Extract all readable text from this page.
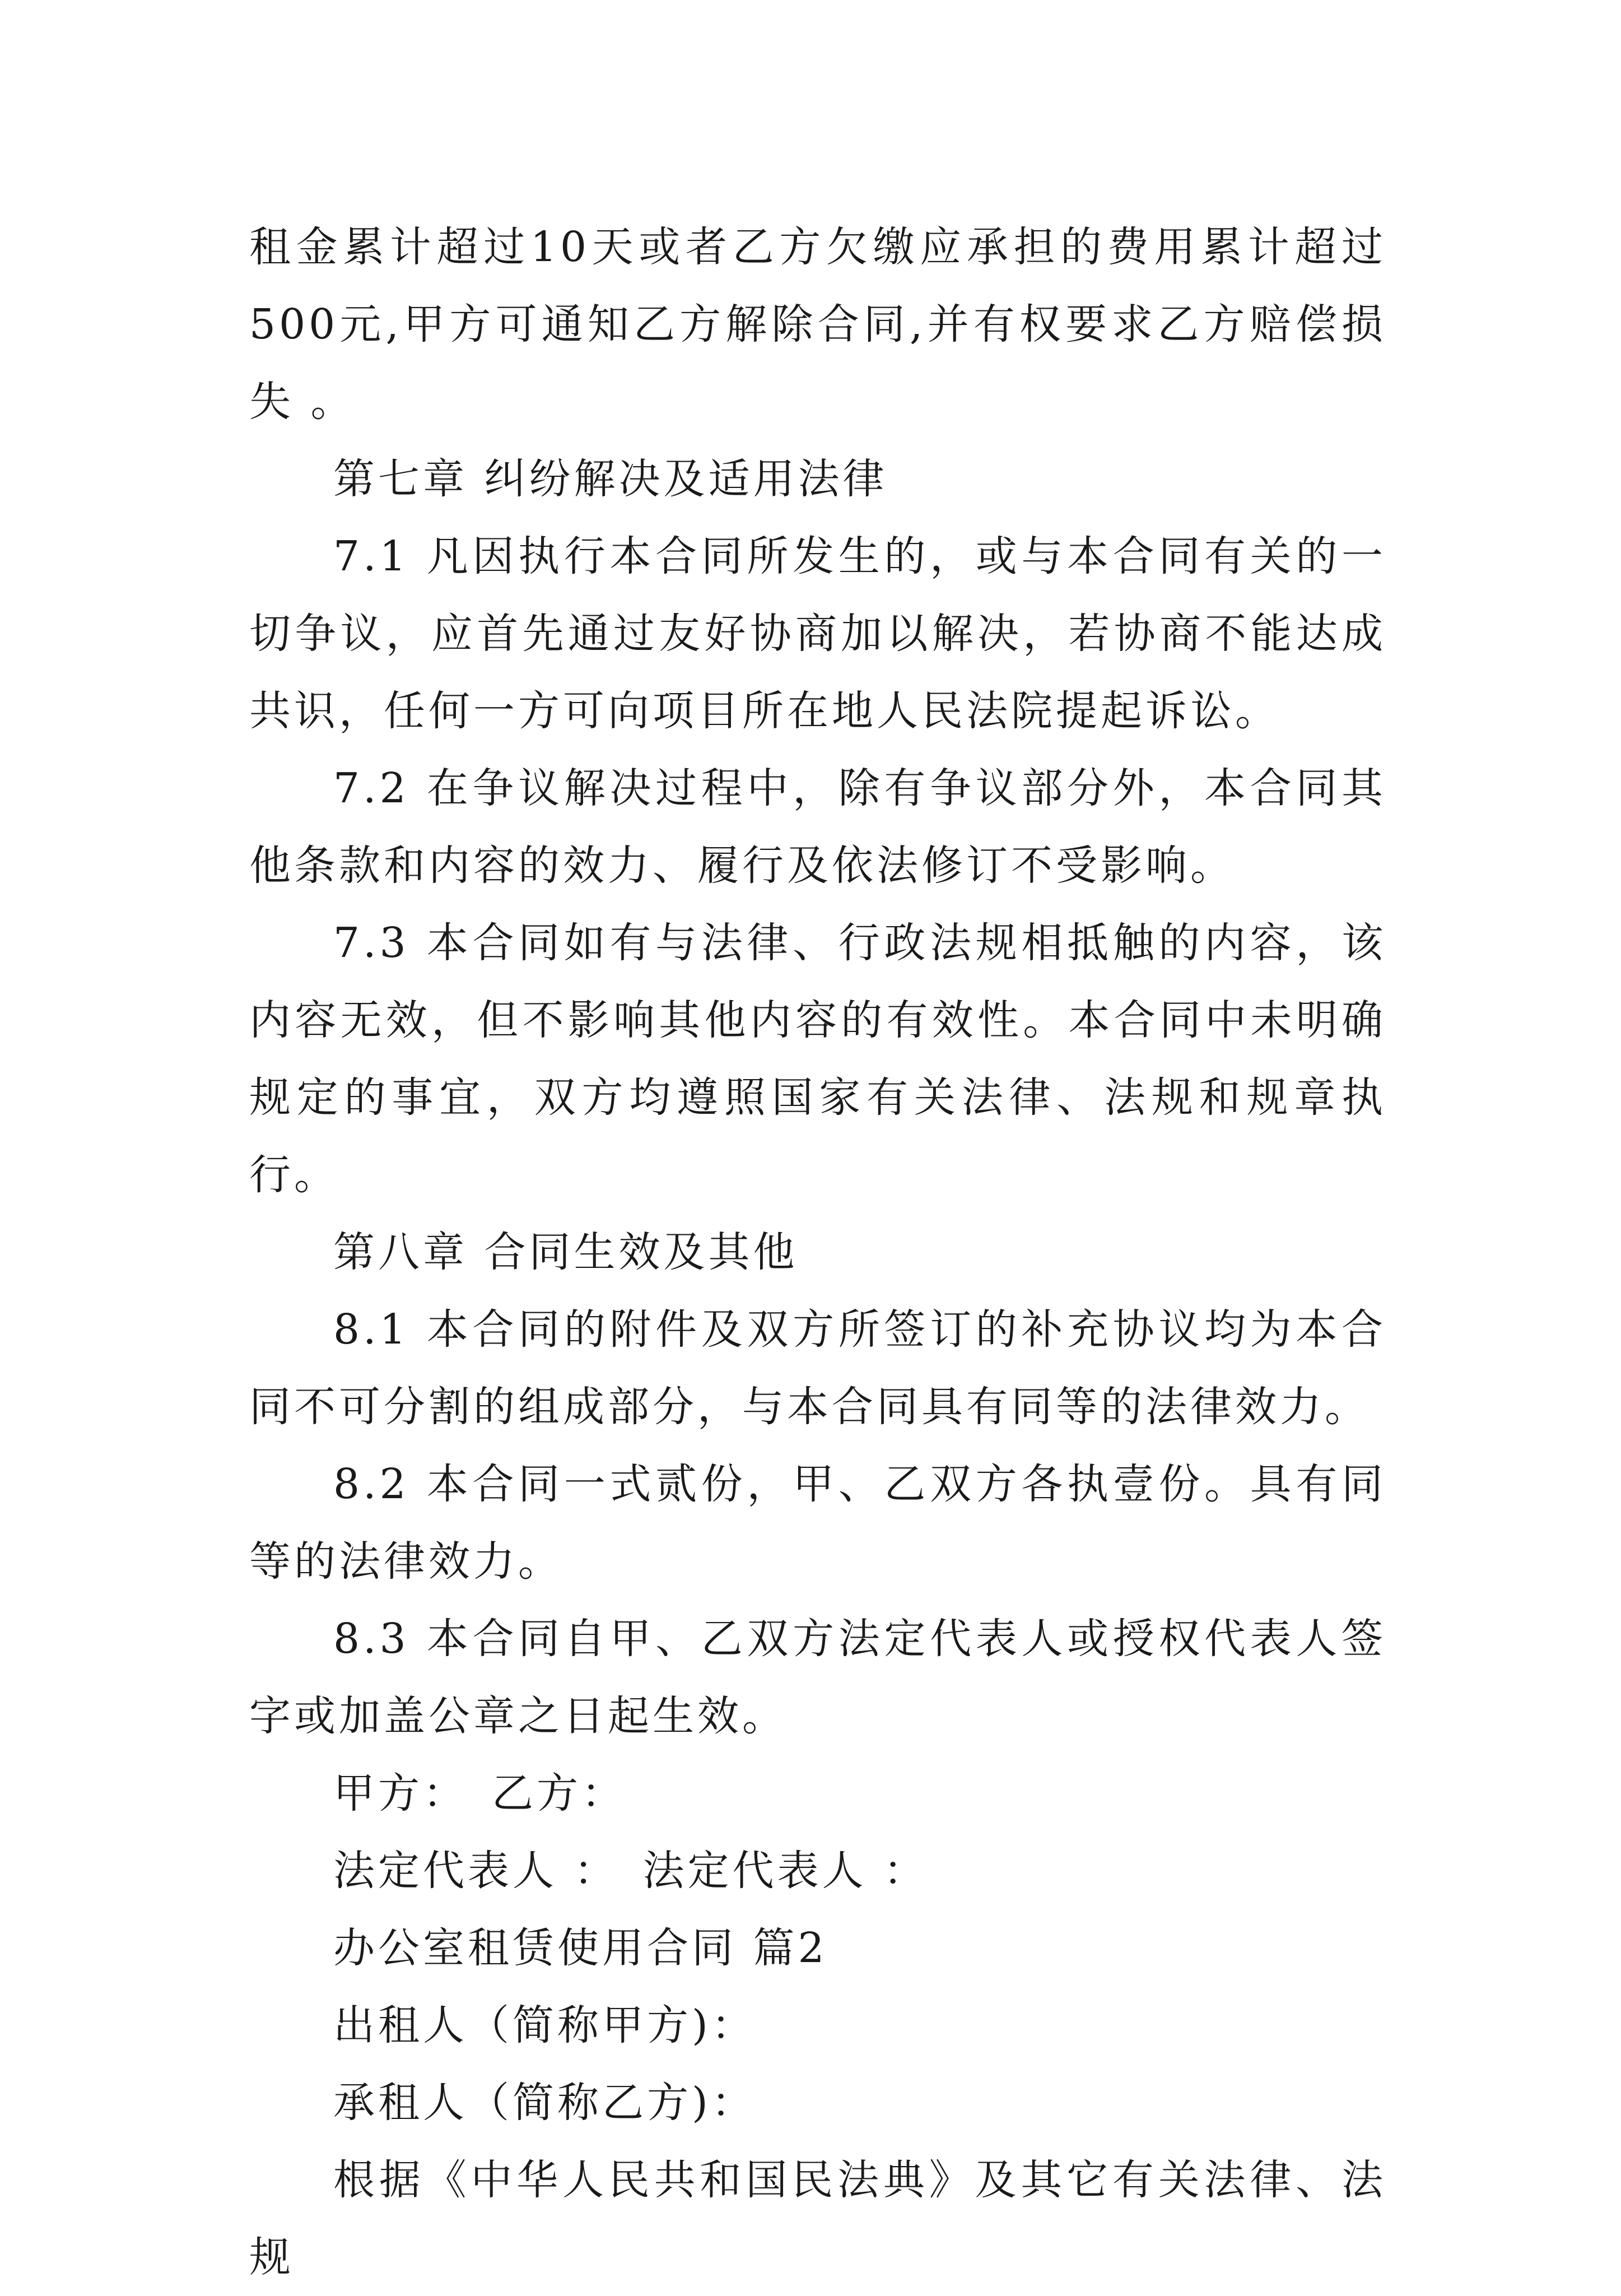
租金累计超过10天或者乙方欠缴应承担的费用累计超过500元,甲方可通知乙方解除合同,并有权要求乙方赔偿损失 。

第七章 纠纷解决及适用法律

7.1 凡因执行本合同所发生的，或与本合同有关的一切争议，应首先通过友好协商加以解决，若协商不能达成共识，任何一方可向项目所在地人民法院提起诉讼。

7.2 在争议解决过程中，除有争议部分外，本合同其他条款和内容的效力、履行及依法修订不受影响。

7.3 本合同如有与法律、行政法规相抵触的内容，该内容无效，但不影响其他内容的有效性。本合同中未明确规定的事宜，双方均遵照国家有关法律、法规和规章执行。

第八章 合同生效及其他

8.1 本合同的附件及双方所签订的补充协议均为本合同不可分割的组成部分，与本合同具有同等的法律效力。

8.2 本合同一式贰份，甲、乙双方各执壹份。具有同等的法律效力。

8.3 本合同自甲、乙双方法定代表人或授权代表人签字或加盖公章之日起生效。

甲方：　乙方：

法定代表人 ：　法定代表人 ：

办公室租赁使用合同 篇2

出租人（简称甲方)：

承租人（简称乙方)：

根据《中华人民共和国民法典》及其它有关法律、法规
